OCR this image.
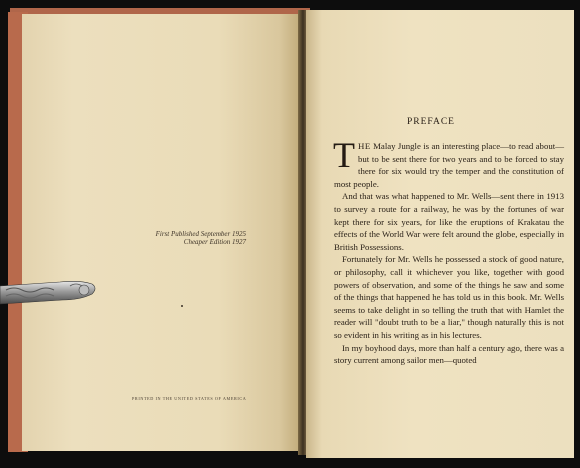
First Published September 1925
Cheaper Edition 1927
PRINTED IN THE UNITED STATES OF AMERICA
PREFACE

THE Malay Jungle is an interesting place—to read about—but to be sent there for two years and to be forced to stay there for six would try the temper and the constitution of most people.

And that was what happened to Mr. Wells—sent there in 1913 to survey a route for a railway, he was by the fortunes of war kept there for six years, for like the eruptions of Krakatau the effects of the World War were felt around the globe, especially in British Possessions.

Fortunately for Mr. Wells he possessed a stock of good nature, or philosophy, call it whichever you like, together with good powers of observation, and some of the things he saw and some of the things that happened he has told us in this book. Mr. Wells seems to take delight in so telling the truth that with Hamlet the reader will "doubt truth to be a liar," though naturally this is not so evident in his writing as in his lectures.

In my boyhood days, more than half a century ago, there was a story current among sailor men—quoted
